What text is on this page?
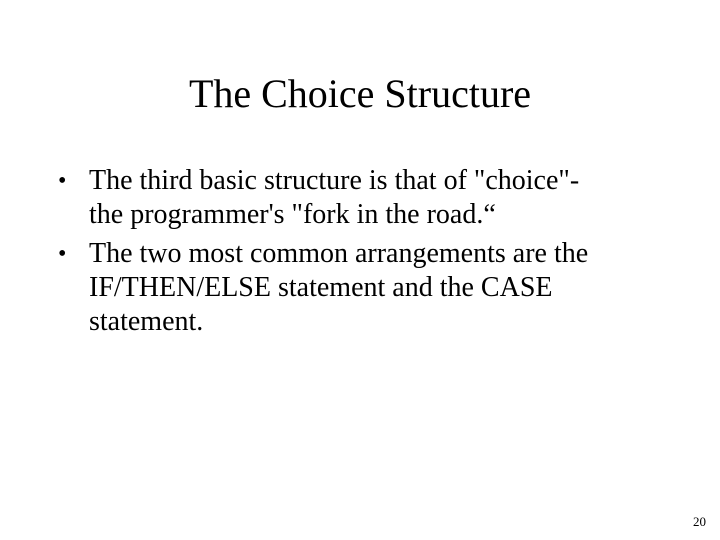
The Choice Structure
• The third basic structure is that of "choice"-
the programmer's "fork in the road.“
• The two most common arrangements are the
IF/THEN/ELSE statement and the CASE
statement.
20
